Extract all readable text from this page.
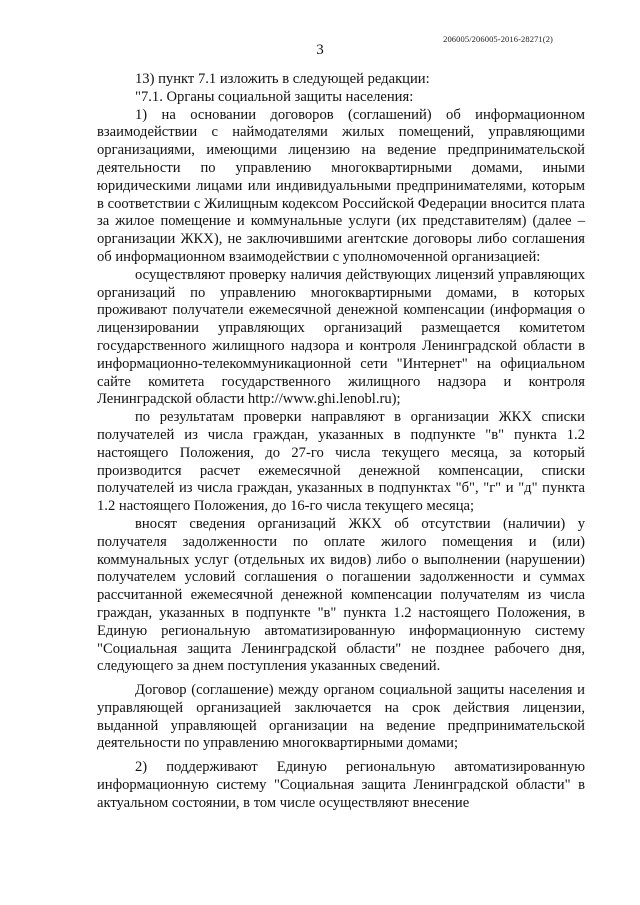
206005/206005-2016-28271(2)
3

13) пункт 7.1 изложить в следующей редакции:

"7.1. Органы социальной защиты населения:

1) на основании договоров (соглашений) об информационном взаимодействии с наймодателями жилых помещений, управляющими организациями, имеющими лицензию на ведение предпринимательской деятельности по управлению многоквартирными домами, иными юридическими лицами или индивидуальными предпринимателями, которым в соответствии с Жилищным кодексом Российской Федерации вносится плата за жилое помещение и коммунальные услуги (их представителям) (далее – организации ЖКХ), не заключившими агентские договоры либо соглашения об информационном взаимодействии с уполномоченной организацией:

осуществляют проверку наличия действующих лицензий управляющих организаций по управлению многоквартирными домами, в которых проживают получатели ежемесячной денежной компенсации (информация о лицензировании управляющих организаций размещается комитетом государственного жилищного надзора и контроля Ленинградской области в информационно-телекоммуникационной сети "Интернет" на официальном сайте комитета государственного жилищного надзора и контроля Ленинградской области http://www.ghi.lenobl.ru);

по результатам проверки направляют в организации ЖКХ списки получателей из числа граждан, указанных в подпункте "в" пункта 1.2 настоящего Положения, до 27-го числа текущего месяца, за который производится расчет ежемесячной денежной компенсации, списки получателей из числа граждан, указанных в подпунктах "б", "г" и "д" пункта 1.2 настоящего Положения, до 16-го числа текущего месяца;

вносят сведения организаций ЖКХ об отсутствии (наличии) у получателя задолженности по оплате жилого помещения и (или) коммунальных услуг (отдельных их видов) либо о выполнении (нарушении) получателем условий соглашения о погашении задолженности и суммах рассчитанной ежемесячной денежной компенсации получателям из числа граждан, указанных в подпункте "в" пункта 1.2 настоящего Положения, в Единую региональную автоматизированную информационную систему "Социальная защита Ленинградской области" не позднее рабочего дня, следующего за днем поступления указанных сведений.

Договор (соглашение) между органом социальной защиты населения и управляющей организацией заключается на срок действия лицензии, выданной управляющей организации на ведение предпринимательской деятельности по управлению многоквартирными домами;

2) поддерживают Единую региональную автоматизированную информационную систему "Социальная защита Ленинградской области" в актуальном состоянии, в том числе осуществляют внесение
